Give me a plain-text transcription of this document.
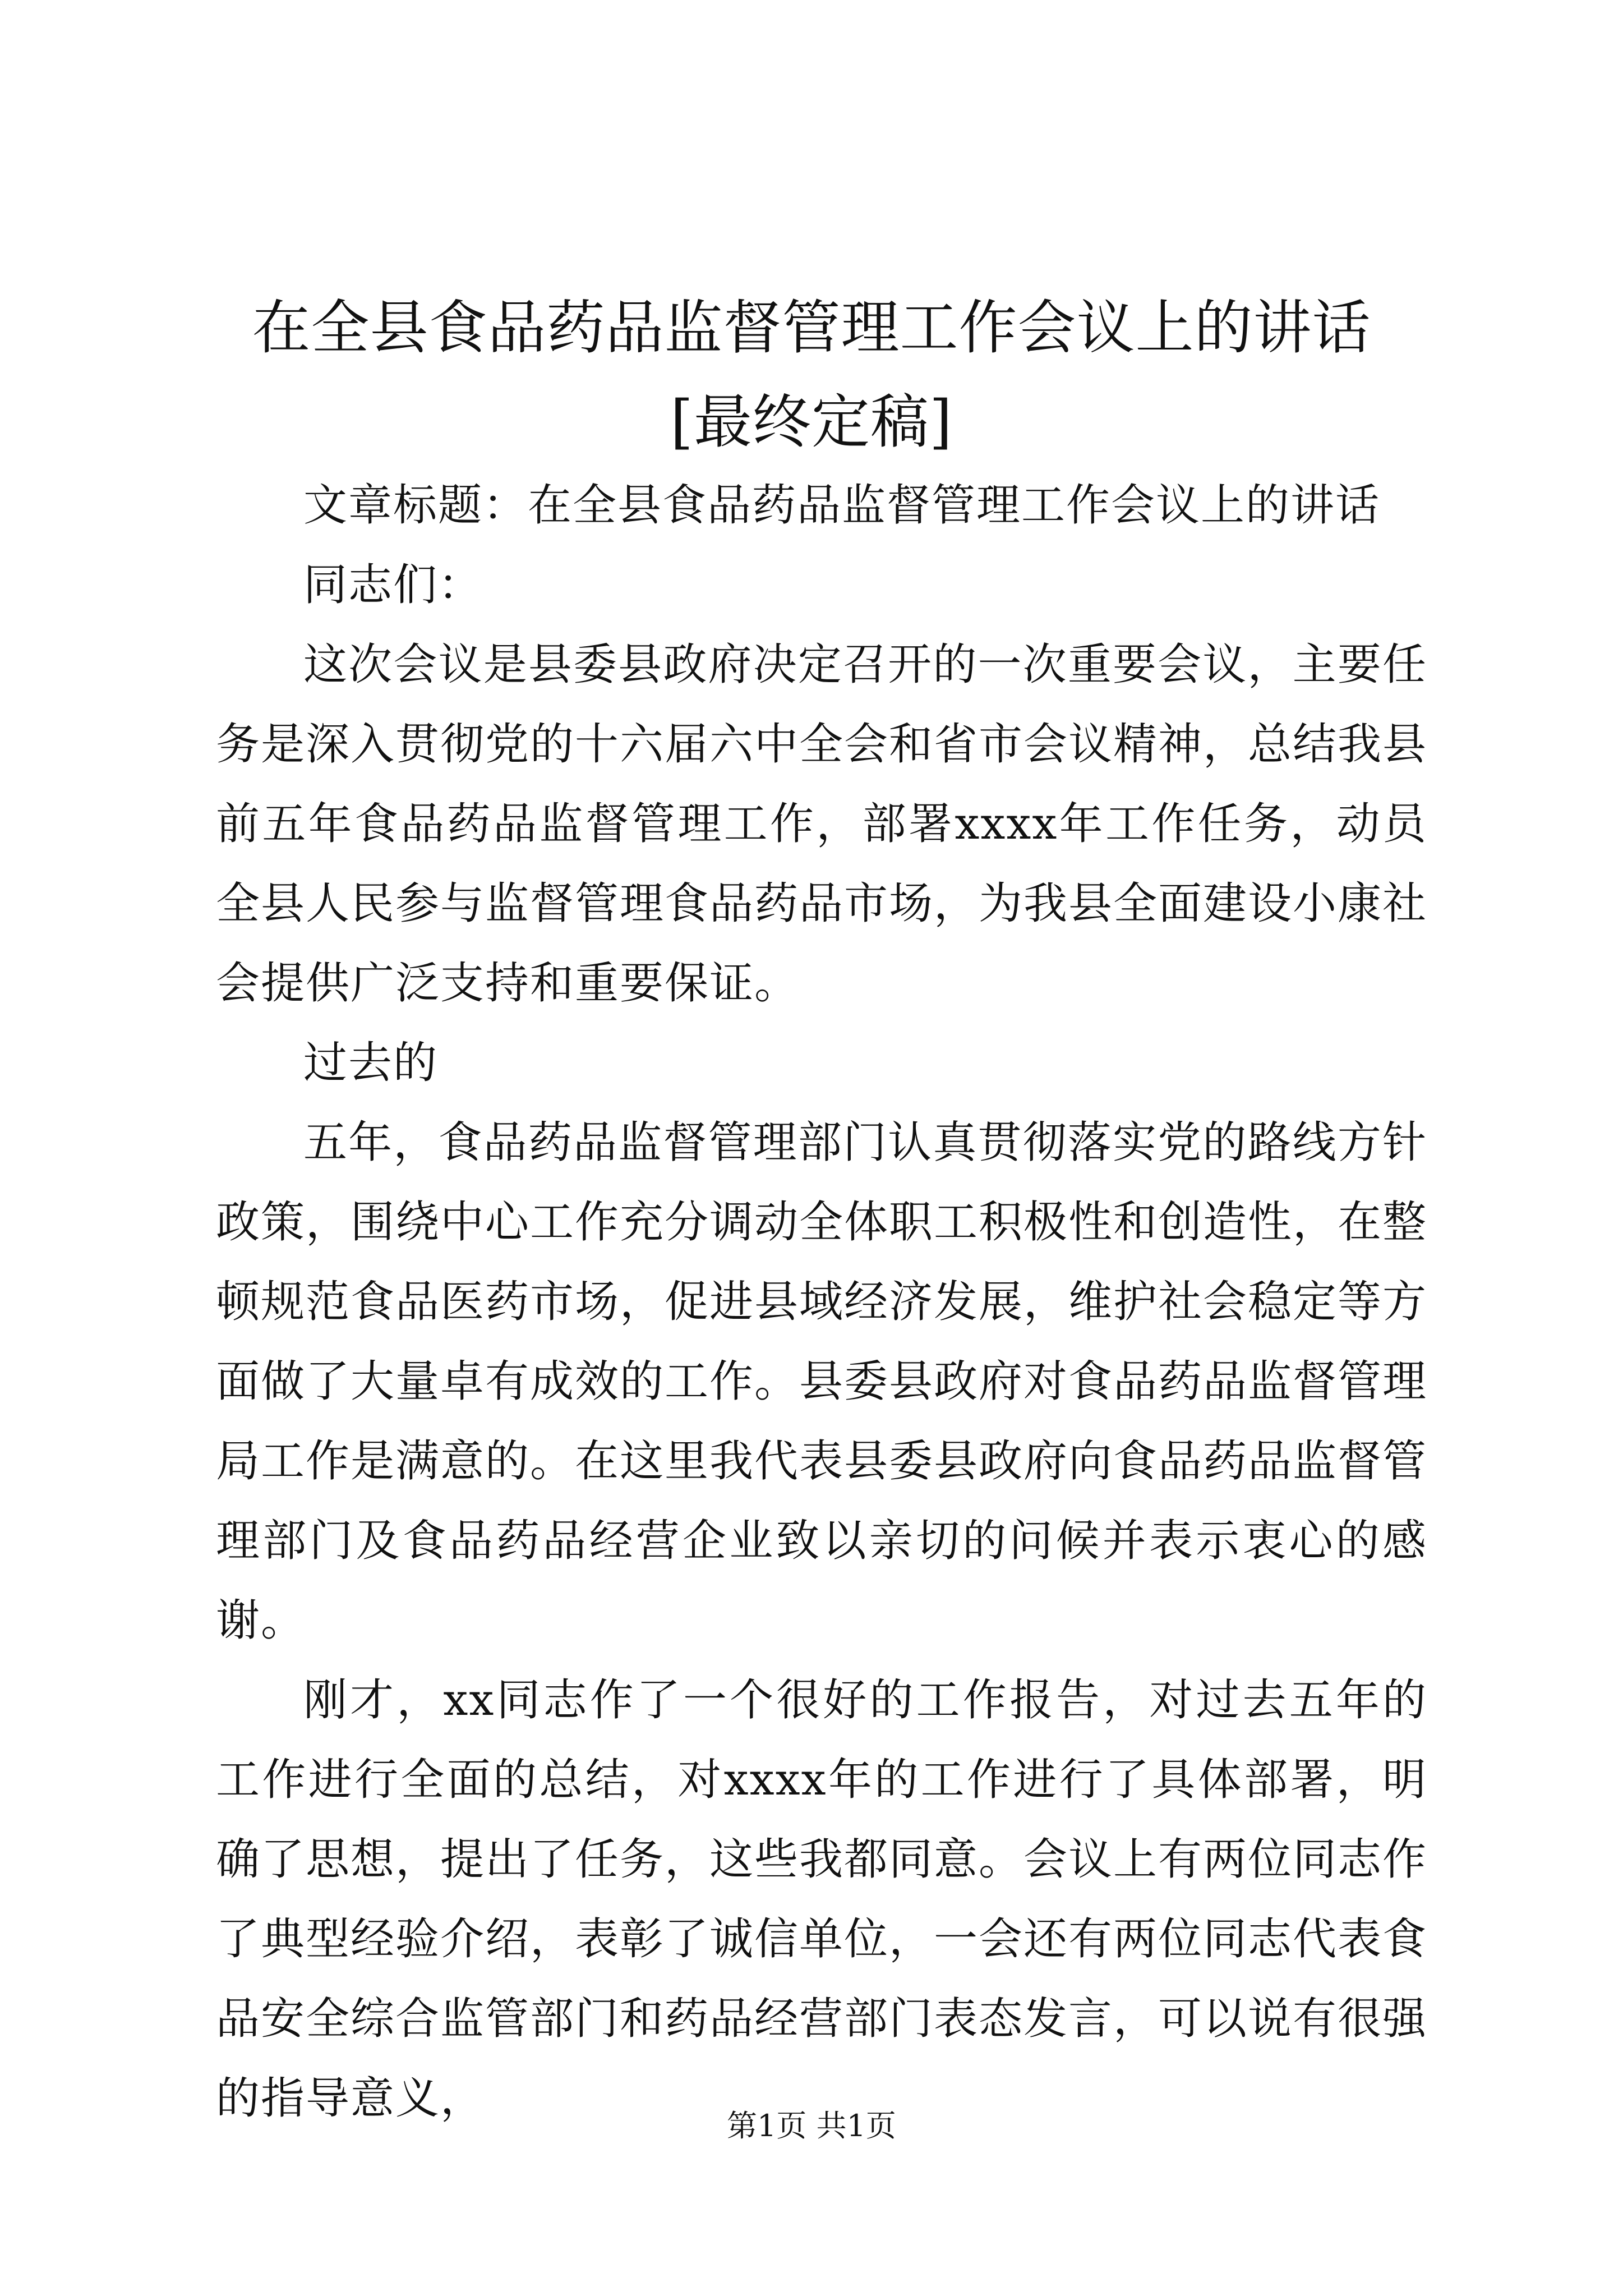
在全县食品药品监督管理工作会议上的讲话[最终定稿]

文章标题：在全县食品药品监督管理工作会议上的讲话

同志们：

这次会议是县委县政府决定召开的一次重要会议，主要任务是深入贯彻党的十六届六中全会和省市会议精神，总结我县前五年食品药品监督管理工作，部署xxxx年工作任务，动员全县人民参与监督管理食品药品市场，为我县全面建设小康社会提供广泛支持和重要保证。

过去的

五年，食品药品监督管理部门认真贯彻落实党的路线方针政策，围绕中心工作充分调动全体职工积极性和创造性，在整顿规范食品医药市场，促进县域经济发展，维护社会稳定等方面做了大量卓有成效的工作。县委县政府对食品药品监督管理局工作是满意的。在这里我代表县委县政府向食品药品监督管理部门及食品药品经营企业致以亲切的问候并表示衷心的感谢。

刚才，xx同志作了一个很好的工作报告，对过去五年的工作进行全面的总结，对xxxx年的工作进行了具体部署，明确了思想，提出了任务，这些我都同意。会议上有两位同志作了典型经验介绍，表彰了诚信单位，一会还有两位同志代表食品安全综合监管部门和药品经营部门表态发言，可以说有很强的指导意义，

第1页 共1页
